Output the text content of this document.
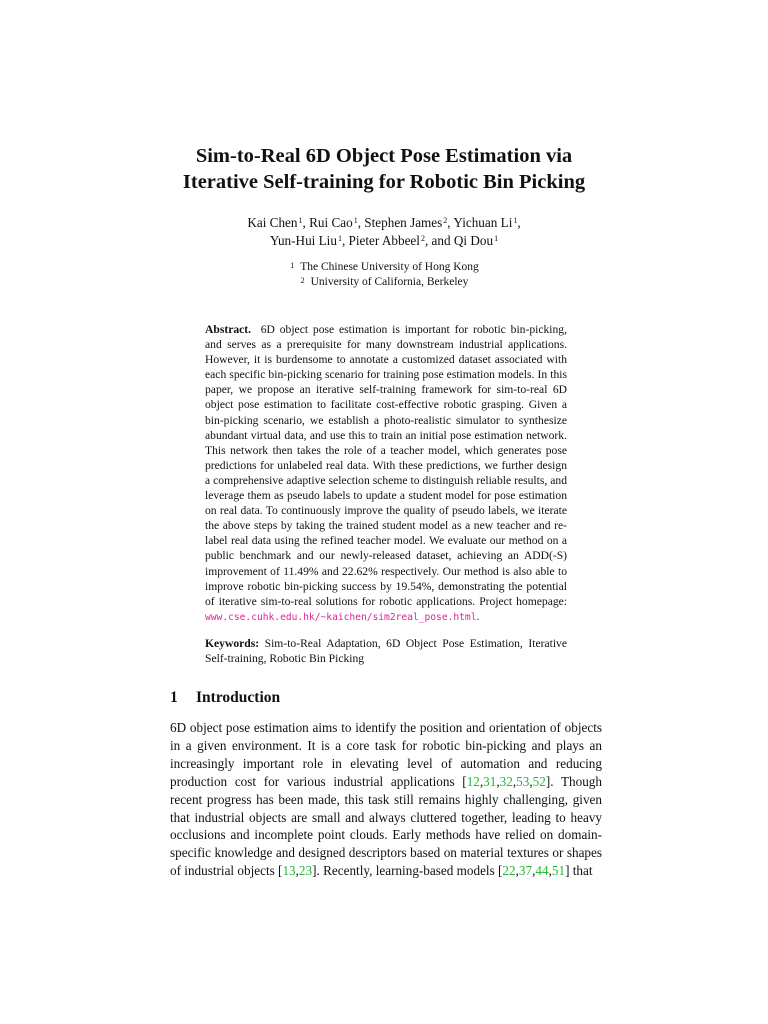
Sim-to-Real 6D Object Pose Estimation via
Iterative Self-training for Robotic Bin Picking
Kai Chen$^1$, Rui Cao$^1$, Stephen James$^2$, Yichuan Li$^1$,
Yun-Hui Liu$^1$, Pieter Abbeel$^2$, and Qi Dou$^1$
$^1$ The Chinese University of Hong Kong
$^2$ University of California, Berkeley
Abstract. 6D object pose estimation is important for robotic bin-picking, and serves as a prerequisite for many downstream industrial applications. However, it is burdensome to annotate a customized dataset associated with each specific bin-picking scenario for training pose estimation models. In this paper, we propose an iterative self-training framework for sim-to-real 6D object pose estimation to facilitate cost-effective robotic grasping. Given a bin-picking scenario, we establish a photo-realistic simulator to synthesize abundant virtual data, and use this to train an initial pose estimation network. This network then takes the role of a teacher model, which generates pose predictions for unlabeled real data. With these predictions, we further design a comprehensive adaptive selection scheme to distinguish reliable results, and leverage them as pseudo labels to update a student model for pose estimation on real data. To continuously improve the quality of pseudo labels, we iterate the above steps by taking the trained student model as a new teacher and re-label real data using the refined teacher model. We evaluate our method on a public benchmark and our newly-released dataset, achieving an ADD(-S) improvement of 11.49% and 22.62% respectively. Our method is also able to improve robotic bin-picking success by 19.54%, demonstrating the potential of iterative sim-to-real solutions for robotic applications. Project homepage: www.cse.cuhk.edu.hk/~kaichen/sim2real_pose.html.
Keywords: Sim-to-Real Adaptation, 6D Object Pose Estimation, Iterative Self-training, Robotic Bin Picking
1 Introduction
6D object pose estimation aims to identify the position and orientation of objects in a given environment. It is a core task for robotic bin-picking and plays an increasingly important role in elevating level of automation and reducing production cost for various industrial applications [12,31,32,53,52]. Though recent progress has been made, this task still remains highly challenging, given that industrial objects are small and always cluttered together, leading to heavy occlusions and incomplete point clouds. Early methods have relied on domain-specific knowledge and designed descriptors based on material textures or shapes of industrial objects [13,23]. Recently, learning-based models [22,37,44,51] that
